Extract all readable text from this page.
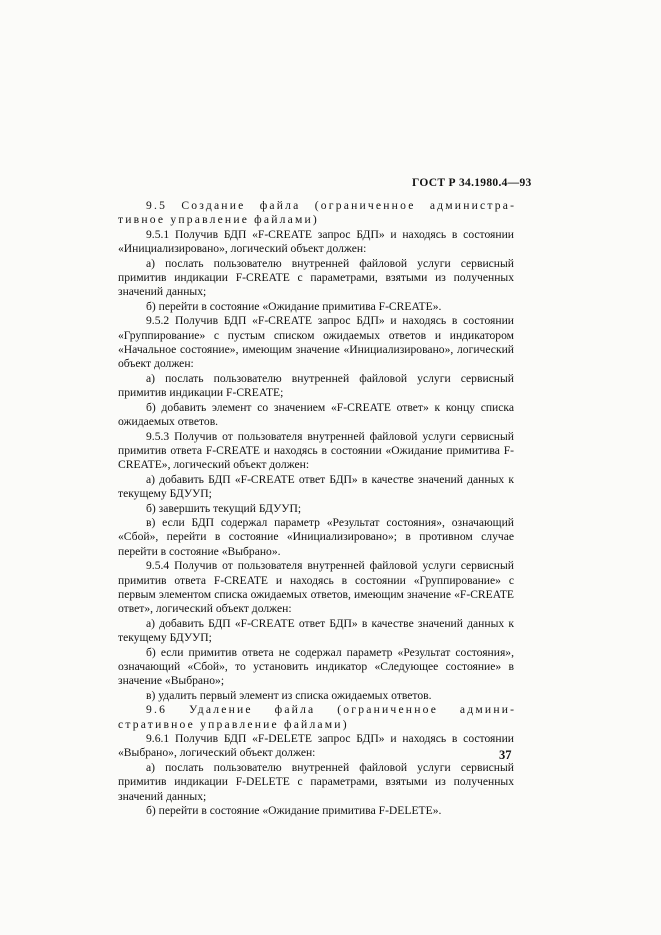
ГОСТ Р 34.1980.4—93

9.5 Создание файла (ограниченное административное управление файлами)

9.5.1 Получив БДП «F-CREATE запрос БДП» и находясь в состоянии «Инициализировано», логический объект должен:

а) послать пользователю внутренней файловой услуги сервисный примитив индикации F-CREATE с параметрами, взятыми из полученных значений данных;

б) перейти в состояние «Ожидание примитива F-CREATE».

9.5.2 Получив БДП «F-CREATE запрос БДП» и находясь в состоянии «Группирование» с пустым списком ожидаемых ответов и индикатором «Начальное состояние», имеющим значение «Инициализировано», логический объект должен:

а) послать пользователю внутренней файловой услуги сервисный примитив индикации F-CREATE;

б) добавить элемент со значением «F-CREATE ответ» к концу списка ожидаемых ответов.

9.5.3 Получив от пользователя внутренней файловой услуги сервисный примитив ответа F-CREATE и находясь в состоянии «Ожидание примитива F-CREATE», логический объект должен:

а) добавить БДП «F-CREATE ответ БДП» в качестве значений данных к текущему БДУУП;

б) завершить текущий БДУУП;

в) если БДП содержал параметр «Результат состояния», означающий «Сбой», перейти в состояние «Инициализировано»; в противном случае перейти в состояние «Выбрано».

9.5.4 Получив от пользователя внутренней файловой услуги сервисный примитив ответа F-CREATE и находясь в состоянии «Группирование» с первым элементом списка ожидаемых ответов, имеющим значение «F-CREATE ответ», логический объект должен:

а) добавить БДП «F-CREATE ответ БДП» в качестве значений данных к текущему БДУУП;

б) если примитив ответа не содержал параметр «Результат состояния», означающий «Сбой», то установить индикатор «Следующее состояние» в значение «Выбрано»;

в) удалить первый элемент из списка ожидаемых ответов.

9.6 Удаление файла (ограниченное административное управление файлами)

9.6.1 Получив БДП «F-DELETE запрос БДП» и находясь в состоянии «Выбрано», логический объект должен:

а) послать пользователю внутренней файловой услуги сервисный примитив индикации F-DELETE с параметрами, взятыми из полученных значений данных;

б) перейти в состояние «Ожидание примитива F-DELETE».

37
